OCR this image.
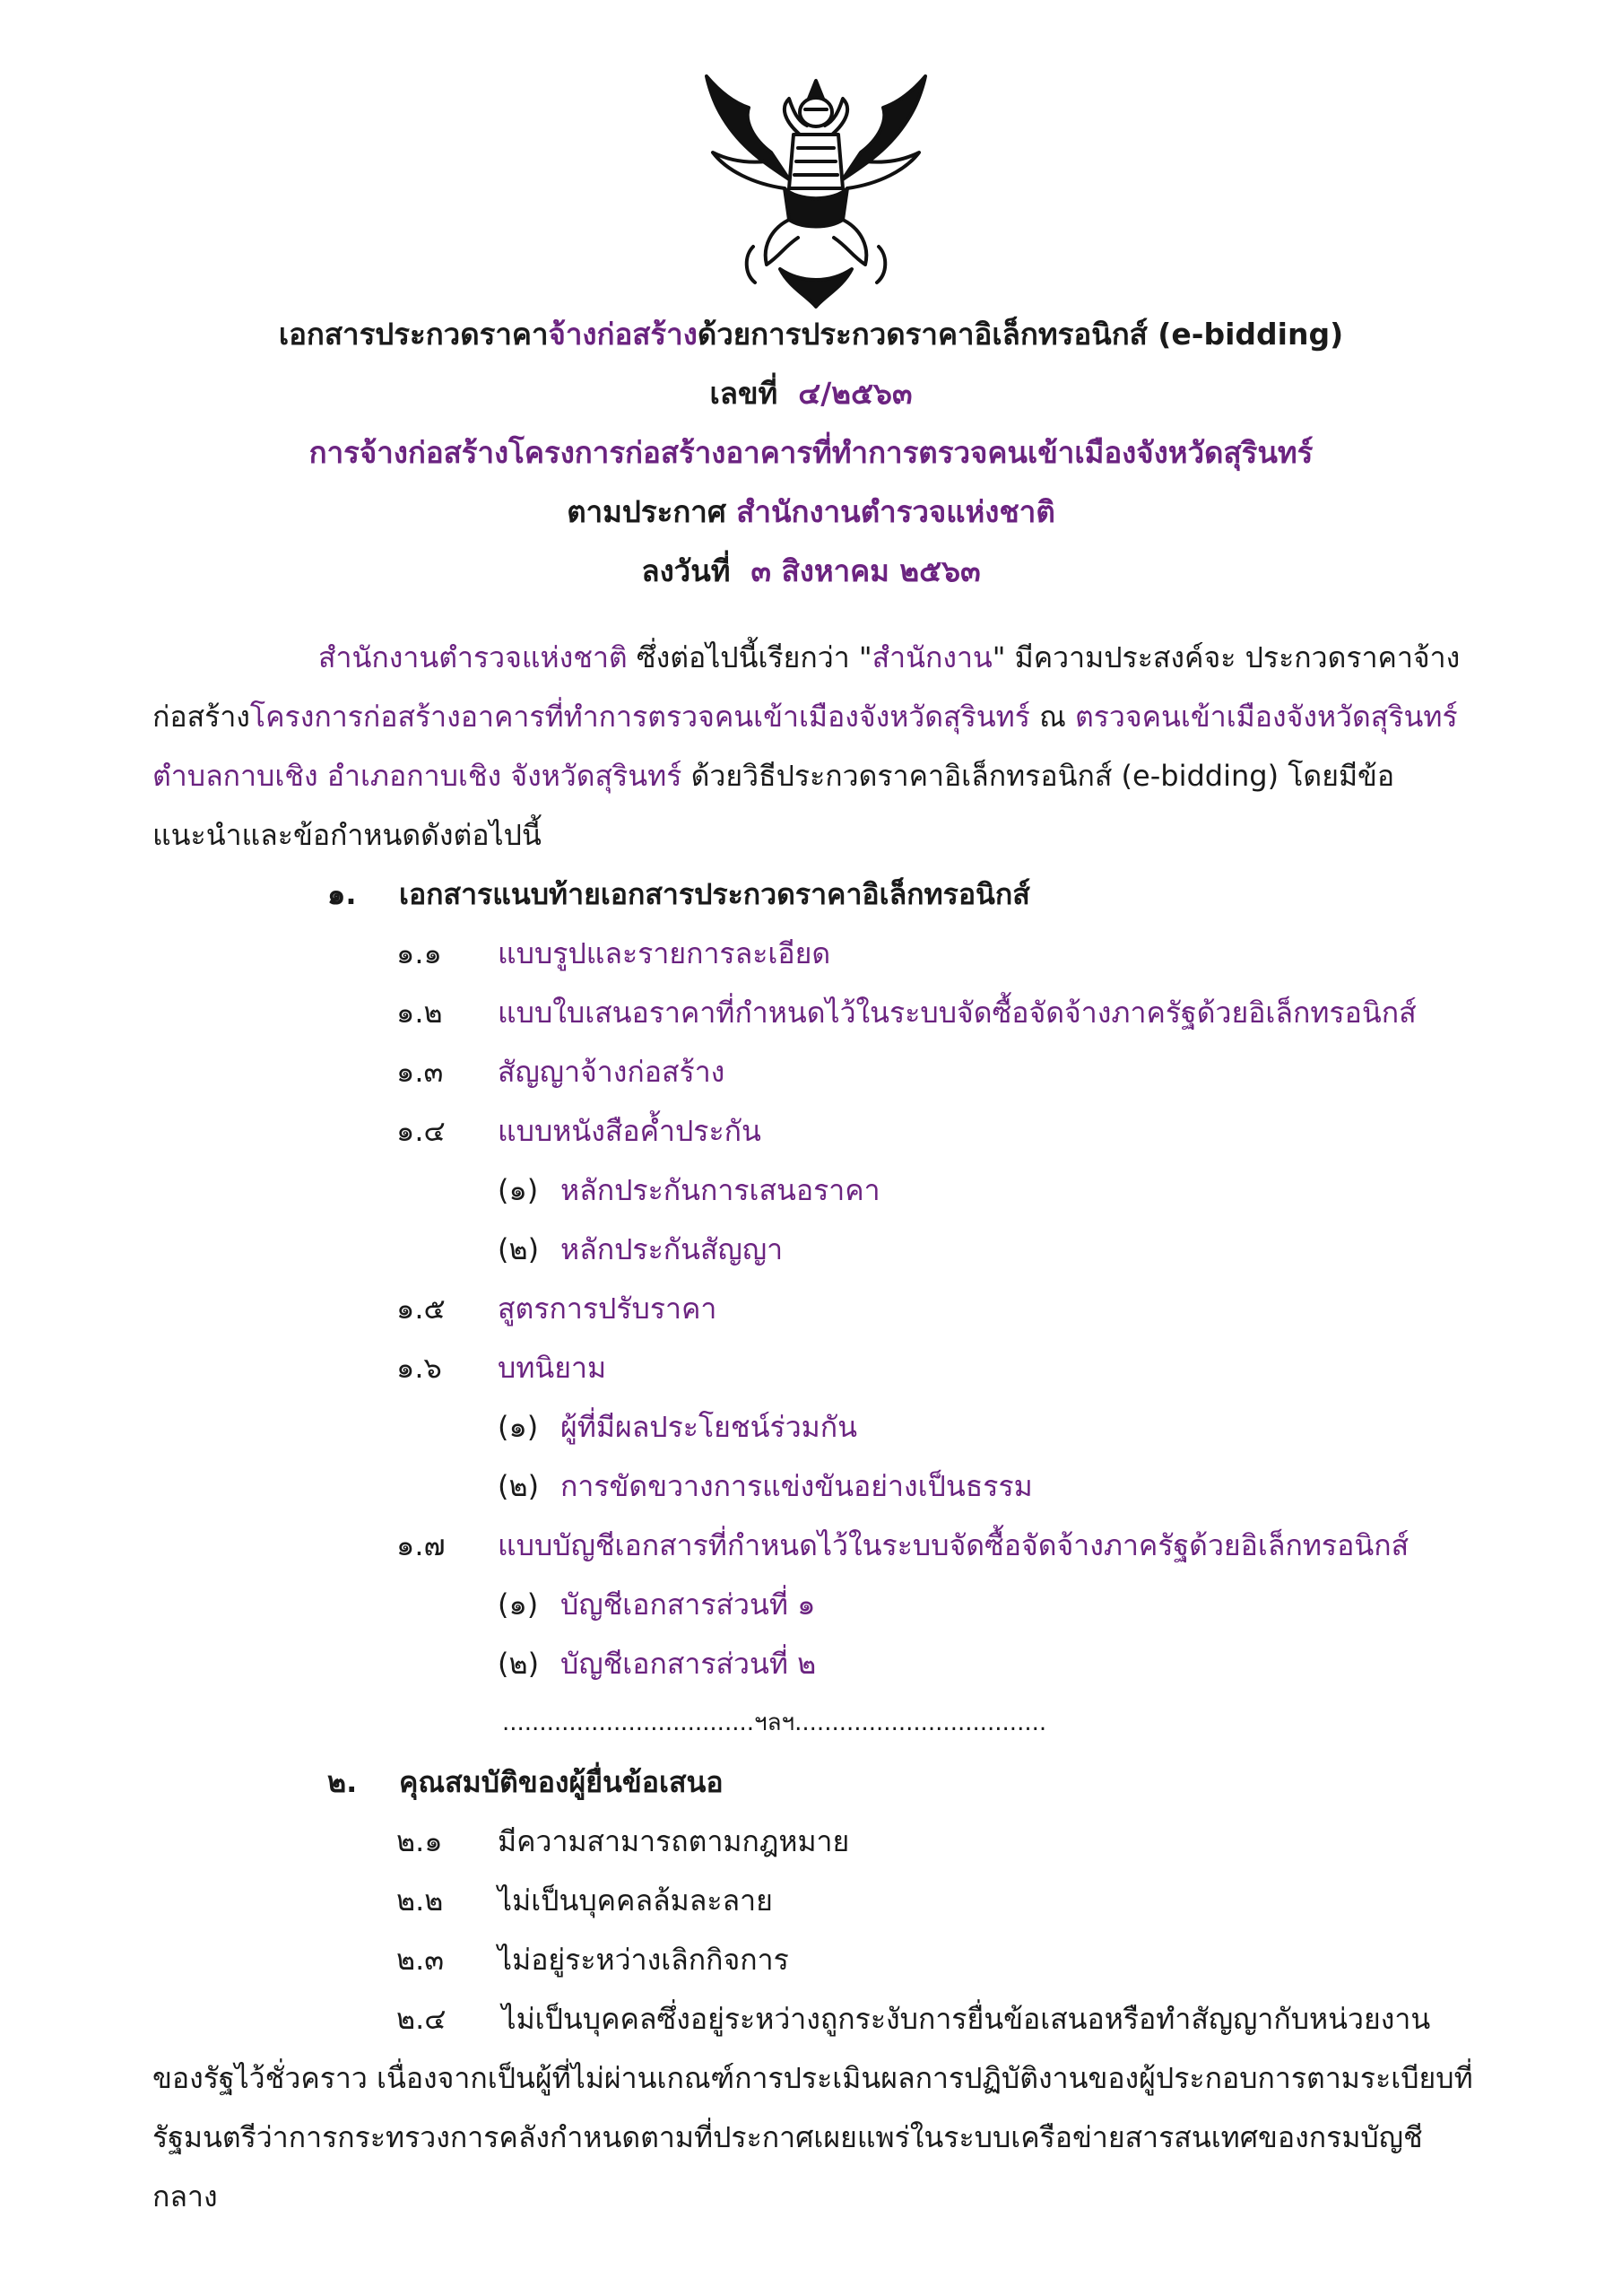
เอกสารประกวดราคาจ้างก่อสร้างด้วยการประกวดราคาอิเล็กทรอนิกส์ (e-bidding)
เลขที่ ๔/๒๕๖๓
การจ้างก่อสร้างโครงการก่อสร้างอาคารที่ทำการตรวจคนเข้าเมืองจังหวัดสุรินทร์
ตามประกาศ สำนักงานตำรวจแห่งชาติ
ลงวันที่ ๓ สิงหาคม ๒๕๖๓

สำนักงานตำรวจแห่งชาติ ซึ่งต่อไปนี้เรียกว่า "สำนักงาน" มีความประสงค์จะ ประกวดราคาจ้างก่อสร้างโครงการก่อสร้างอาคารที่ทำการตรวจคนเข้าเมืองจังหวัดสุรินทร์ ณ ตรวจคนเข้าเมืองจังหวัดสุรินทร์ ตำบลกาบเชิง อำเภอกาบเชิง จังหวัดสุรินทร์ ด้วยวิธีประกวดราคาอิเล็กทรอนิกส์ (e-bidding) โดยมีข้อแนะนำและข้อกำหนดดังต่อไปนี้

๑. เอกสารแนบท้ายเอกสารประกวดราคาอิเล็กทรอนิกส์
๑.๑ แบบรูปและรายการละเอียด
๑.๒ แบบใบเสนอราคาที่กำหนดไว้ในระบบจัดซื้อจัดจ้างภาครัฐด้วยอิเล็กทรอนิกส์
๑.๓ สัญญาจ้างก่อสร้าง
๑.๔ แบบหนังสือค้ำประกัน
(๑) หลักประกันการเสนอราคา
(๒) หลักประกันสัญญา
๑.๕ สูตรการปรับราคา
๑.๖ บทนิยาม
(๑) ผู้ที่มีผลประโยชน์ร่วมกัน
(๒) การขัดขวางการแข่งขันอย่างเป็นธรรม
๑.๗ แบบบัญชีเอกสารที่กำหนดไว้ในระบบจัดซื้อจัดจ้างภาครัฐด้วยอิเล็กทรอนิกส์
(๑) บัญชีเอกสารส่วนที่ ๑
(๒) บัญชีเอกสารส่วนที่ ๒
..................................ฯลฯ..................................
๒. คุณสมบัติของผู้ยื่นข้อเสนอ
๒.๑ มีความสามารถตามกฎหมาย
๒.๒ ไม่เป็นบุคคลล้มละลาย
๒.๓ ไม่อยู่ระหว่างเลิกกิจการ

๒.๔ ไม่เป็นบุคคลซึ่งอยู่ระหว่างถูกระงับการยื่นข้อเสนอหรือทำสัญญากับหน่วยงานของรัฐไว้ชั่วคราว เนื่องจากเป็นผู้ที่ไม่ผ่านเกณฑ์การประเมินผลการปฏิบัติงานของผู้ประกอบการตามระเบียบที่รัฐมนตรีว่าการกระทรวงการคลังกำหนดตามที่ประกาศเผยแพร่ในระบบเครือข่ายสารสนเทศของกรมบัญชีกลาง
